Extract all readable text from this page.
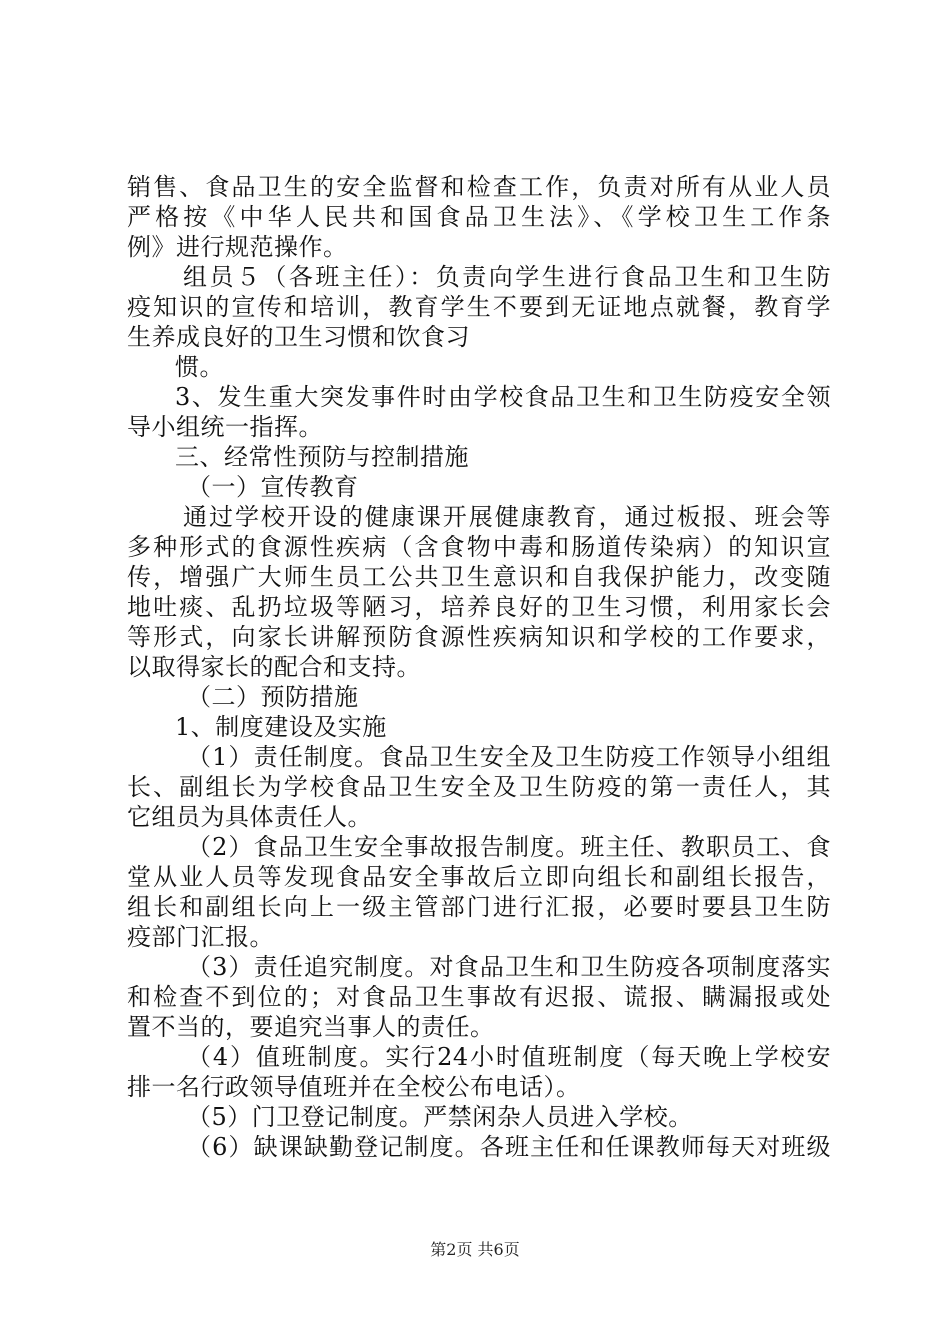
销售、食品卫生的安全监督和检查工作，负责对所有从业人员
严格按《中华人民共和国食品卫生法》、《学校卫生工作条
例》进行规范操作。
组员５（各班主任）：负责向学生进行食品卫生和卫生防
疫知识的宣传和培训，教育学生不要到无证地点就餐，教育学
生养成良好的卫生习惯和饮食习
惯。
3、发生重大突发事件时由学校食品卫生和卫生防疫安全领
导小组统一指挥。
三、经常性预防与控制措施
（一）宣传教育
通过学校开设的健康课开展健康教育，通过板报、班会等
多种形式的食源性疾病（含食物中毒和肠道传染病）的知识宣
传，增强广大师生员工公共卫生意识和自我保护能力，改变随
地吐痰、乱扔垃圾等陋习，培养良好的卫生习惯，利用家长会
等形式，向家长讲解预防食源性疾病知识和学校的工作要求，
以取得家长的配合和支持。
（二）预防措施
1、制度建设及实施
（1）责任制度。食品卫生安全及卫生防疫工作领导小组组
长、副组长为学校食品卫生安全及卫生防疫的第一责任人，其
它组员为具体责任人。
（2）食品卫生安全事故报告制度。班主任、教职员工、食
堂从业人员等发现食品安全事故后立即向组长和副组长报告，
组长和副组长向上一级主管部门进行汇报，必要时要县卫生防
疫部门汇报。
（3）责任追究制度。对食品卫生和卫生防疫各项制度落实
和检查不到位的；对食品卫生事故有迟报、谎报、瞒漏报或处
置不当的，要追究当事人的责任。
（4）值班制度。实行24小时值班制度（每天晚上学校安
排一名行政领导值班并在全校公布电话）。
（5）门卫登记制度。严禁闲杂人员进入学校。
（6）缺课缺勤登记制度。各班主任和任课教师每天对班级
第2页 共6页
